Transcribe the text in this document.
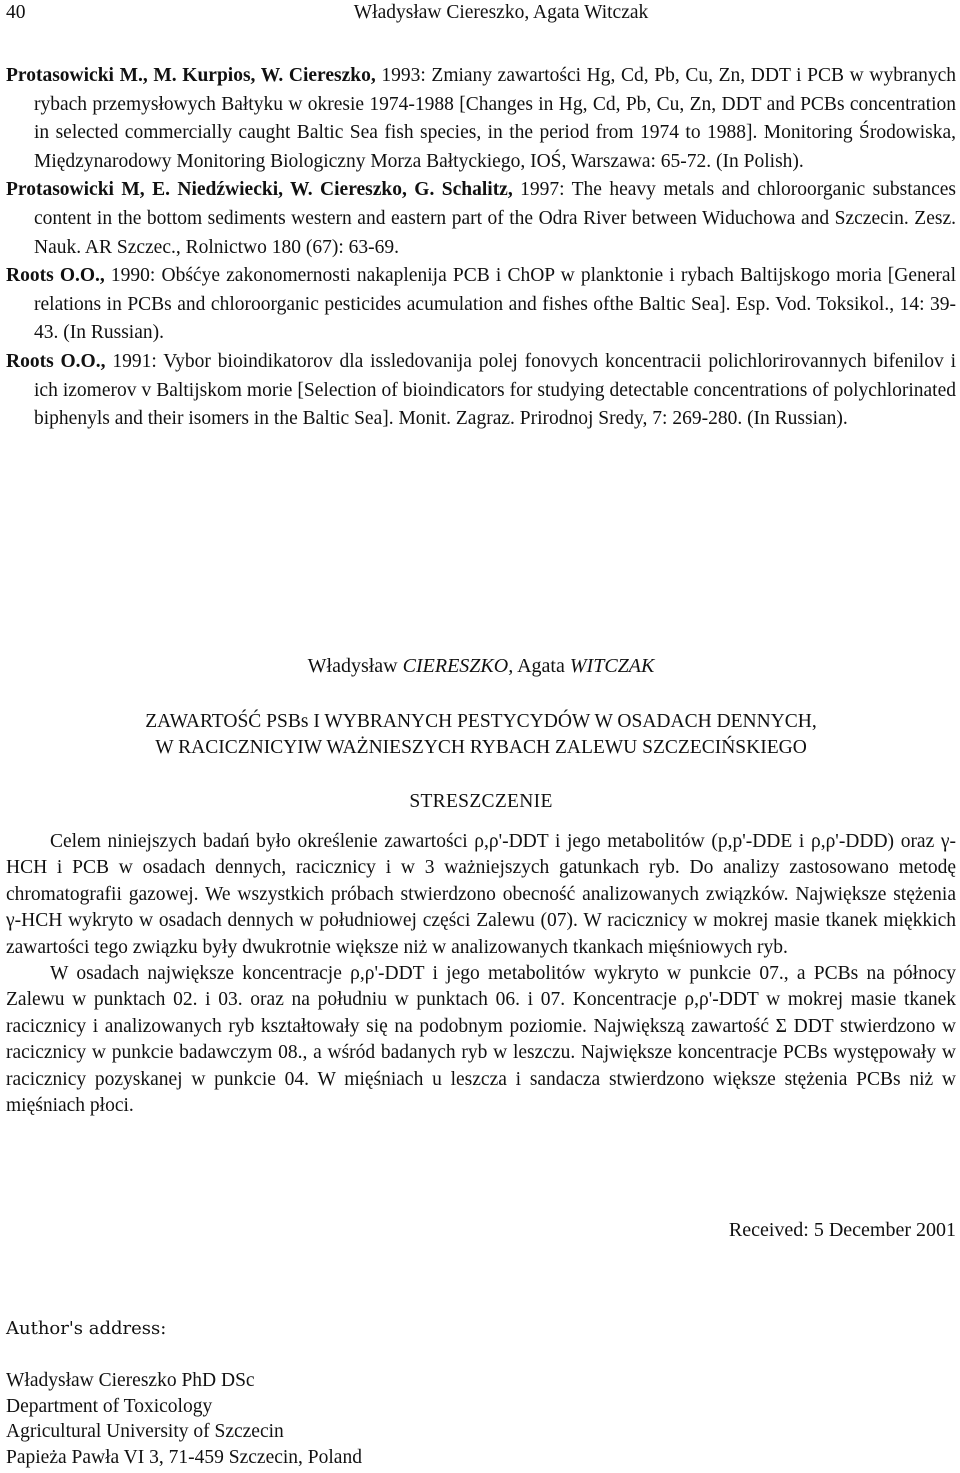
40	Władysław Ciereszko, Agata Witczak

Protasowicki M., M. Kurpios, W. Ciereszko, 1993: Zmiany zawartości Hg, Cd, Pb, Cu, Zn, DDT i PCB w wybranych rybach przemysłowych Bałtyku w okresie 1974-1988 [Changes in Hg, Cd, Pb, Cu, Zn, DDT and PCBs concentration in selected commercially caught Baltic Sea fish species, in the period from 1974 to 1988]. Monitoring Środowiska, Międzynarodowy Monitoring Biologiczny Morza Bałtyckiego, IOŚ, Warszawa: 65-72. (In Polish).

Protasowicki M, E. Niedźwiecki, W. Ciereszko, G. Schalitz, 1997: The heavy metals and chloroorganic substances content in the bottom sediments western and eastern part of the Odra River between Widuchowa and Szczecin. Zesz. Nauk. AR Szczec., Rolnictwo 180 (67): 63-69.

Roots O.O., 1990: Obśćye zakonomernosti nakaplenija PCB i ChOP w planktonie i rybach Baltijskogo moria [General relations in PCBs and chloroorganic pesticides acumulation and fishes ofthe Baltic Sea]. Esp. Vod. Toksikol., 14: 39-43. (In Russian).

Roots O.O., 1991: Vybor bioindikatorov dla issledovanija polej fonovych koncentracii polichlorirovannych bifenilov i ich izomerov v Baltijskom morie [Selection of bioindicators for studying detectable concentrations of polychlorinated biphenyls and their isomers in the Baltic Sea]. Monit. Zagraz. Prirodnoj Sredy, 7: 269-280. (In Russian).

Władysław CIERESZKO, Agata WITCZAK
ZAWARTOŚĆ PSBs I WYBRANYCH PESTYCYDÓW W OSADACH DENNYCH,
W RACICZNICYIW WAŻNIESZYCH RYBACH ZALEWU SZCZECIŃSKIEGO
STRESZCZENIE

Celem niniejszych badań było określenie zawartości ρ,ρ'-DDT i jego metabolitów (p,p'-DDE i ρ,ρ'-DDD) oraz γ-HCH i PCB w osadach dennych, racicznicy i w 3 ważniejszych gatunkach ryb. Do analizy zastosowano metodę chromatografii gazowej. We wszystkich próbach stwierdzono obecność analizowanych związków. Największe stężenia γ-HCH wykryto w osadach dennych w południowej części Zalewu (07). W racicznicy w mokrej masie tkanek miękkich zawartości tego związku były dwukrotnie większe niż w analizowanych tkankach mięśniowych ryb.

W osadach największe koncentracje ρ,ρ'-DDT i jego metabolitów wykryto w punkcie 07., a PCBs na północy Zalewu w punktach 02. i 03. oraz na południu w punktach 06. i 07. Koncentracje ρ,ρ'-DDT w mokrej masie tkanek racicznicy i analizowanych ryb kształtowały się na podobnym poziomie. Największą zawartość Σ DDT stwierdzono w racicznicy w punkcie badawczym 08., a wśród badanych ryb w leszczu. Największe koncentracje PCBs występowały w racicznicy pozyskanej w punkcie 04. W mięśniach u leszcza i sandacza stwierdzono większe stężenia PCBs niż w mięśniach płoci.

Received: 5 December 2001
Author's address:
Władysław Ciereszko PhD DSc
Department of Toxicology
Agricultural University of Szczecin
Papieża Pawła VI 3, 71-459 Szczecin, Poland
